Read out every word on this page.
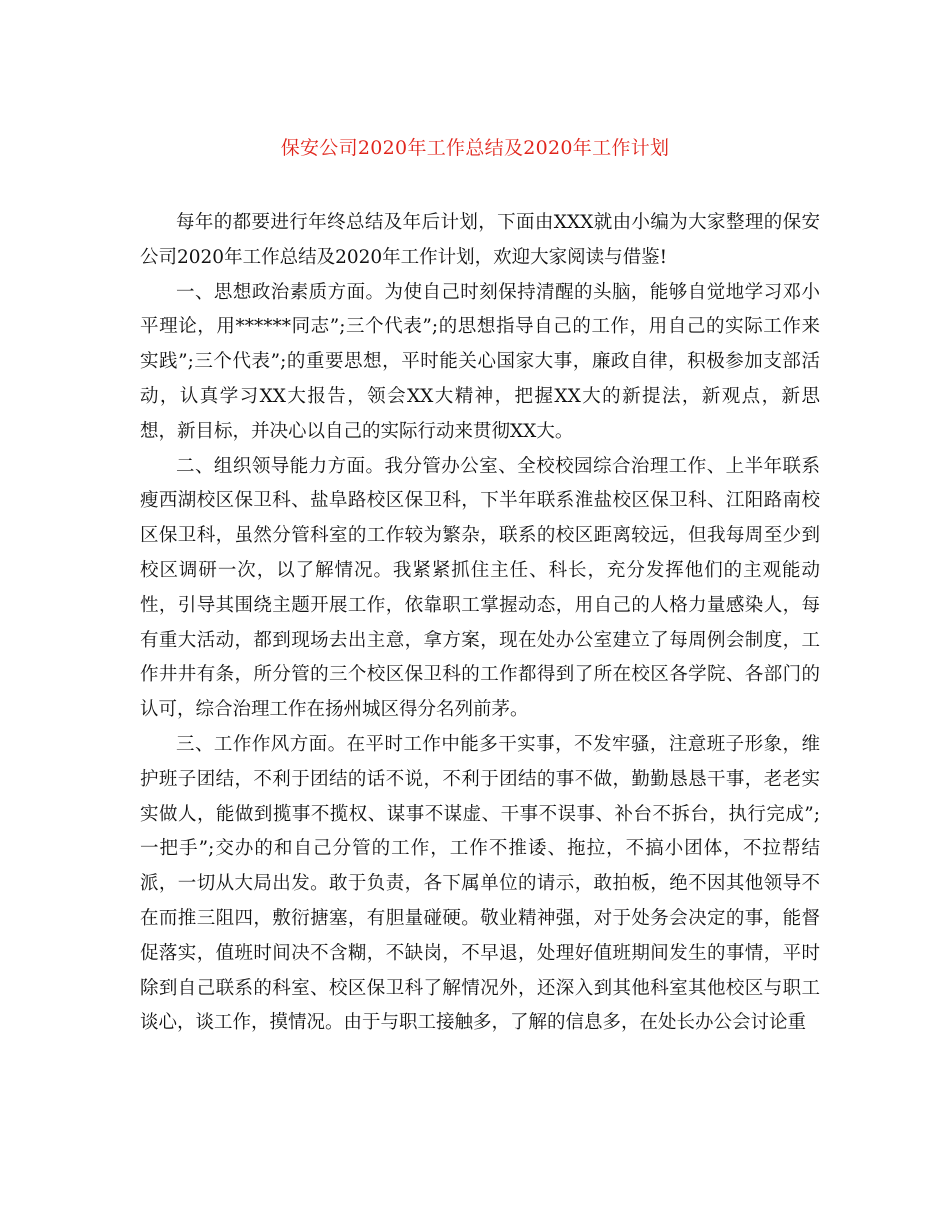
保安公司2020年工作总结及2020年工作计划
每年的都要进行年终总结及年后计划，下面由XXX就由小编为大家整理的保安
公司2020年工作总结及2020年工作计划，欢迎大家阅读与借鉴!
一、思想政治素质方面。为使自己时刻保持清醒的头脑，能够自觉地学习邓小
平理论，用******同志”;三个代表”;的思想指导自己的工作，用自己的实际工作来
实践”;三个代表”;的重要思想，平时能关心国家大事，廉政自律，积极参加支部活
动，认真学习XX大报告，领会XX大精神，把握XX大的新提法，新观点，新思
想，新目标，并决心以自己的实际行动来贯彻XX大。
二、组织领导能力方面。我分管办公室、全校校园综合治理工作、上半年联系
瘦西湖校区保卫科、盐阜路校区保卫科，下半年联系淮盐校区保卫科、江阳路南校
区保卫科，虽然分管科室的工作较为繁杂，联系的校区距离较远，但我每周至少到
校区调研一次，以了解情况。我紧紧抓住主任、科长，充分发挥他们的主观能动
性，引导其围绕主题开展工作，依靠职工掌握动态，用自己的人格力量感染人，每
有重大活动，都到现场去出主意，拿方案，现在处办公室建立了每周例会制度，工
作井井有条，所分管的三个校区保卫科的工作都得到了所在校区各学院、各部门的
认可，综合治理工作在扬州城区得分名列前茅。
三、工作作风方面。在平时工作中能多干实事，不发牢骚，注意班子形象，维
护班子团结，不利于团结的话不说，不利于团结的事不做，勤勤恳恳干事，老老实
实做人，能做到揽事不揽权、谋事不谋虚、干事不误事、补台不拆台，执行完成”;
一把手”;交办的和自己分管的工作，工作不推诿、拖拉，不搞小团体，不拉帮结
派，一切从大局出发。敢于负责，各下属单位的请示，敢拍板，绝不因其他领导不
在而推三阻四，敷衍搪塞，有胆量碰硬。敬业精神强，对于处务会决定的事，能督
促落实，值班时间决不含糊，不缺岗，不早退，处理好值班期间发生的事情，平时
除到自己联系的科室、校区保卫科了解情况外，还深入到其他科室其他校区与职工
谈心，谈工作，摸情况。由于与职工接触多，了解的信息多，在处长办公会讨论重
